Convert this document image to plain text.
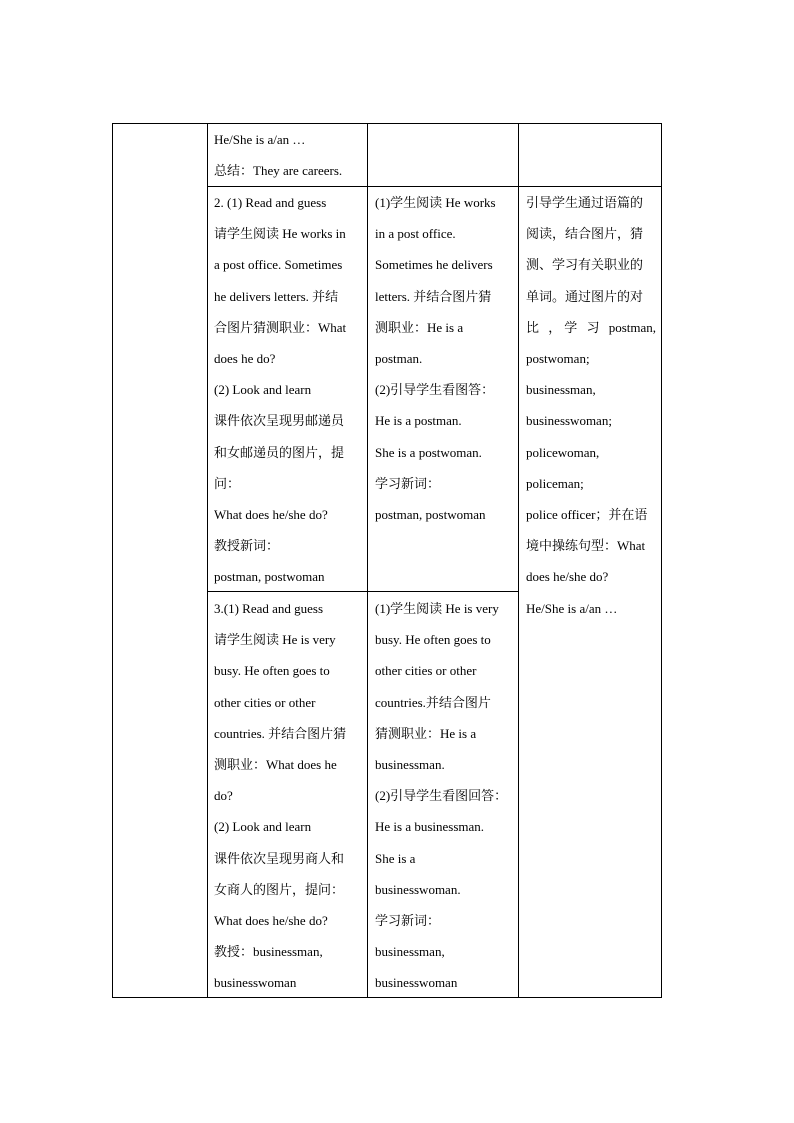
He/She is a/an …
总结：They are careers.
2. (1) Read and guess
请学生阅读 He works in
a post office. Sometimes
he delivers letters. 并结
合图片猜测职业：What
does he do?
(2) Look and learn
课件依次呈现男邮递员
和女邮递员的图片，提
问：
What does he/she do?
教授新词：
postman, postwoman
(1)学生阅读 He works
in a post office.
Sometimes he delivers
letters. 并结合图片猜
测职业：He is a
postman.
(2)引导学生看图答：
He is a postman.
She is a postwoman.
学习新词：
postman, postwoman
引导学生通过语篇的
阅读，结合图片，猜
测、学习有关职业的
单词。通过图片的对
比 ，学 习 postman,
postwoman;
businessman,
businesswoman;
policewoman,
policeman;
police officer；并在语
境中操练句型：What
does he/she do?
He/She is a/an …
3.(1) Read and guess
请学生阅读 He is very
busy. He often goes to
other cities or other
countries. 并结合图片猜
测职业：What does he
do?
(2) Look and learn
课件依次呈现男商人和
女商人的图片，提问：
What does he/she do?
教授：businessman,
businesswoman
(1)学生阅读 He is very
busy. He often goes to
other cities or other
countries.并结合图片
猜测职业：He is a
businessman.
(2)引导学生看图回答：
He is a businessman.
She is a
businesswoman.
学习新词：
businessman,
businesswoman
